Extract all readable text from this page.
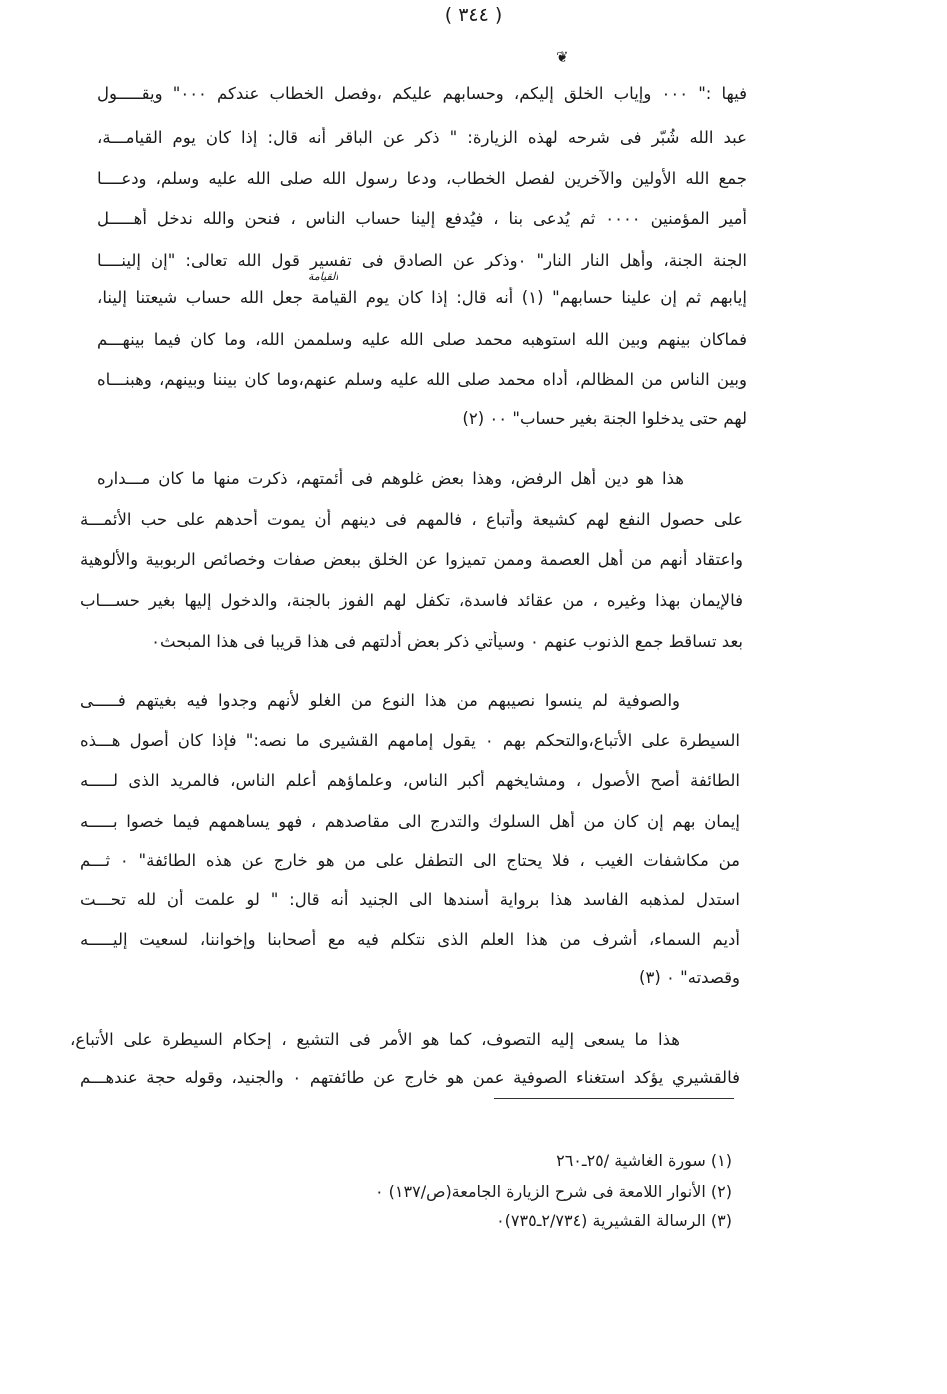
( ٣٤٤ )
❦
فيها :" ٠٠٠ وإياب الخلق إليكم، وحسابهم عليكم ،وفصل الخطاب عندكم ٠٠٠" ويقـــــول
عبد الله شُبّر فى شرحه لهذه الزيارة: " ذكر عن الباقر أنه قال: إذا كان يوم القيامـــة،
جمع الله الأولين والآخرين لفصل الخطاب، ودعا رسول الله صلى الله عليه وسلم، ودعــــا
أمير المؤمنين ٠٠٠٠ ثم يُدعى بنا ، فيُدفع إلينا حساب الناس ، فنحن والله ندخل أهـــــل
الجنة الجنة، وأهل النار النار" ٠وذكر عن الصادق فى تفسير قول الله تعالى: "إن إلينــــا
إيابهم ثم إن علينا حسابهم" (١) أنه قال: إذا كان يوم القيامة جعل الله حساب شيعتنا إلينا،
فماكان بينهم وبين الله استوهبه محمد صلى الله عليه وسلممن الله، وما كان فيما بينهـــم
وبين الناس من المظالم، أداه محمد صلى الله عليه وسلم عنهم،وما كان بيننا وبينهم، وهبنـــاه
لهم حتى يدخلوا الجنة بغير حساب" ٠٠ (٢)
هذا هو دين أهل الرفض، وهذا بعض غلوهم فى أئمتهم، ذكرت منها ما كان مـــداره
على حصول النفع لهم كشيعة وأتباع ، فالمهم فى دينهم أن يموت أحدهم على حب الأئمـــة
واعتقاد أنهم من أهل العصمة وممن تميزوا عن الخلق ببعض صفات وخصائص الربوبية والألوهية
فالإيمان بهذا وغيره ، من عقائد فاسدة، تكفل لهم الفوز بالجنة، والدخول إليها بغير حســـاب
بعد تساقط جمع الذنوب عنهم ٠ وسيأتي ذكر بعض أدلتهم فى هذا قريبا فى هذا المبحث٠
والصوفية لم ينسوا نصيبهم من هذا النوع من الغلو لأنهم وجدوا فيه بغيتهم فـــــى
السيطرة على الأتباع،والتحكم بهم ٠ يقول إمامهم القشيرى ما نصه:" فإذا كان أصول هـــذه
الطائفة أصح الأصول ، ومشايخهم أكبر الناس، وعلماؤهم أعلم الناس، فالمريد الذى لـــــه
إيمان بهم إن كان من أهل السلوك والتدرج الى مقاصدهم ، فهو يساهمهم فيما خصوا بـــــه
من مكاشفات الغيب ، فلا يحتاج الى التطفل على من هو خارج عن هذه الطائفة" ٠ ثـــم
استدل لمذهبه الفاسد هذا برواية أسندها الى الجنيد أنه قال: " لو علمت أن لله تحـــت
أديم السماء، أشرف من هذا العلم الذى نتكلم فيه مع أصحابنا وإخواننا، لسعيت إليـــــه
وقصدته" ٠ (٣)
هذا ما يسعى إليه التصوف، كما هو الأمر فى التشيع ، إحكام السيطرة على الأتباع،
فالقشيري يؤكد استغناء الصوفية عمن هو خارج عن طائفتهم ٠ والجنيد، وقوله حجة عندهـــم
القيامة
(١) سورة الغاشية /٢٥ـ٢٦٠
(٢) الأنوار اللامعة فى شرح الزيارة الجامعة(ص/١٣٧) ٠
(٣) الرسالة القشيرية (٢/٧٣٤ـ٧٣٥)٠
